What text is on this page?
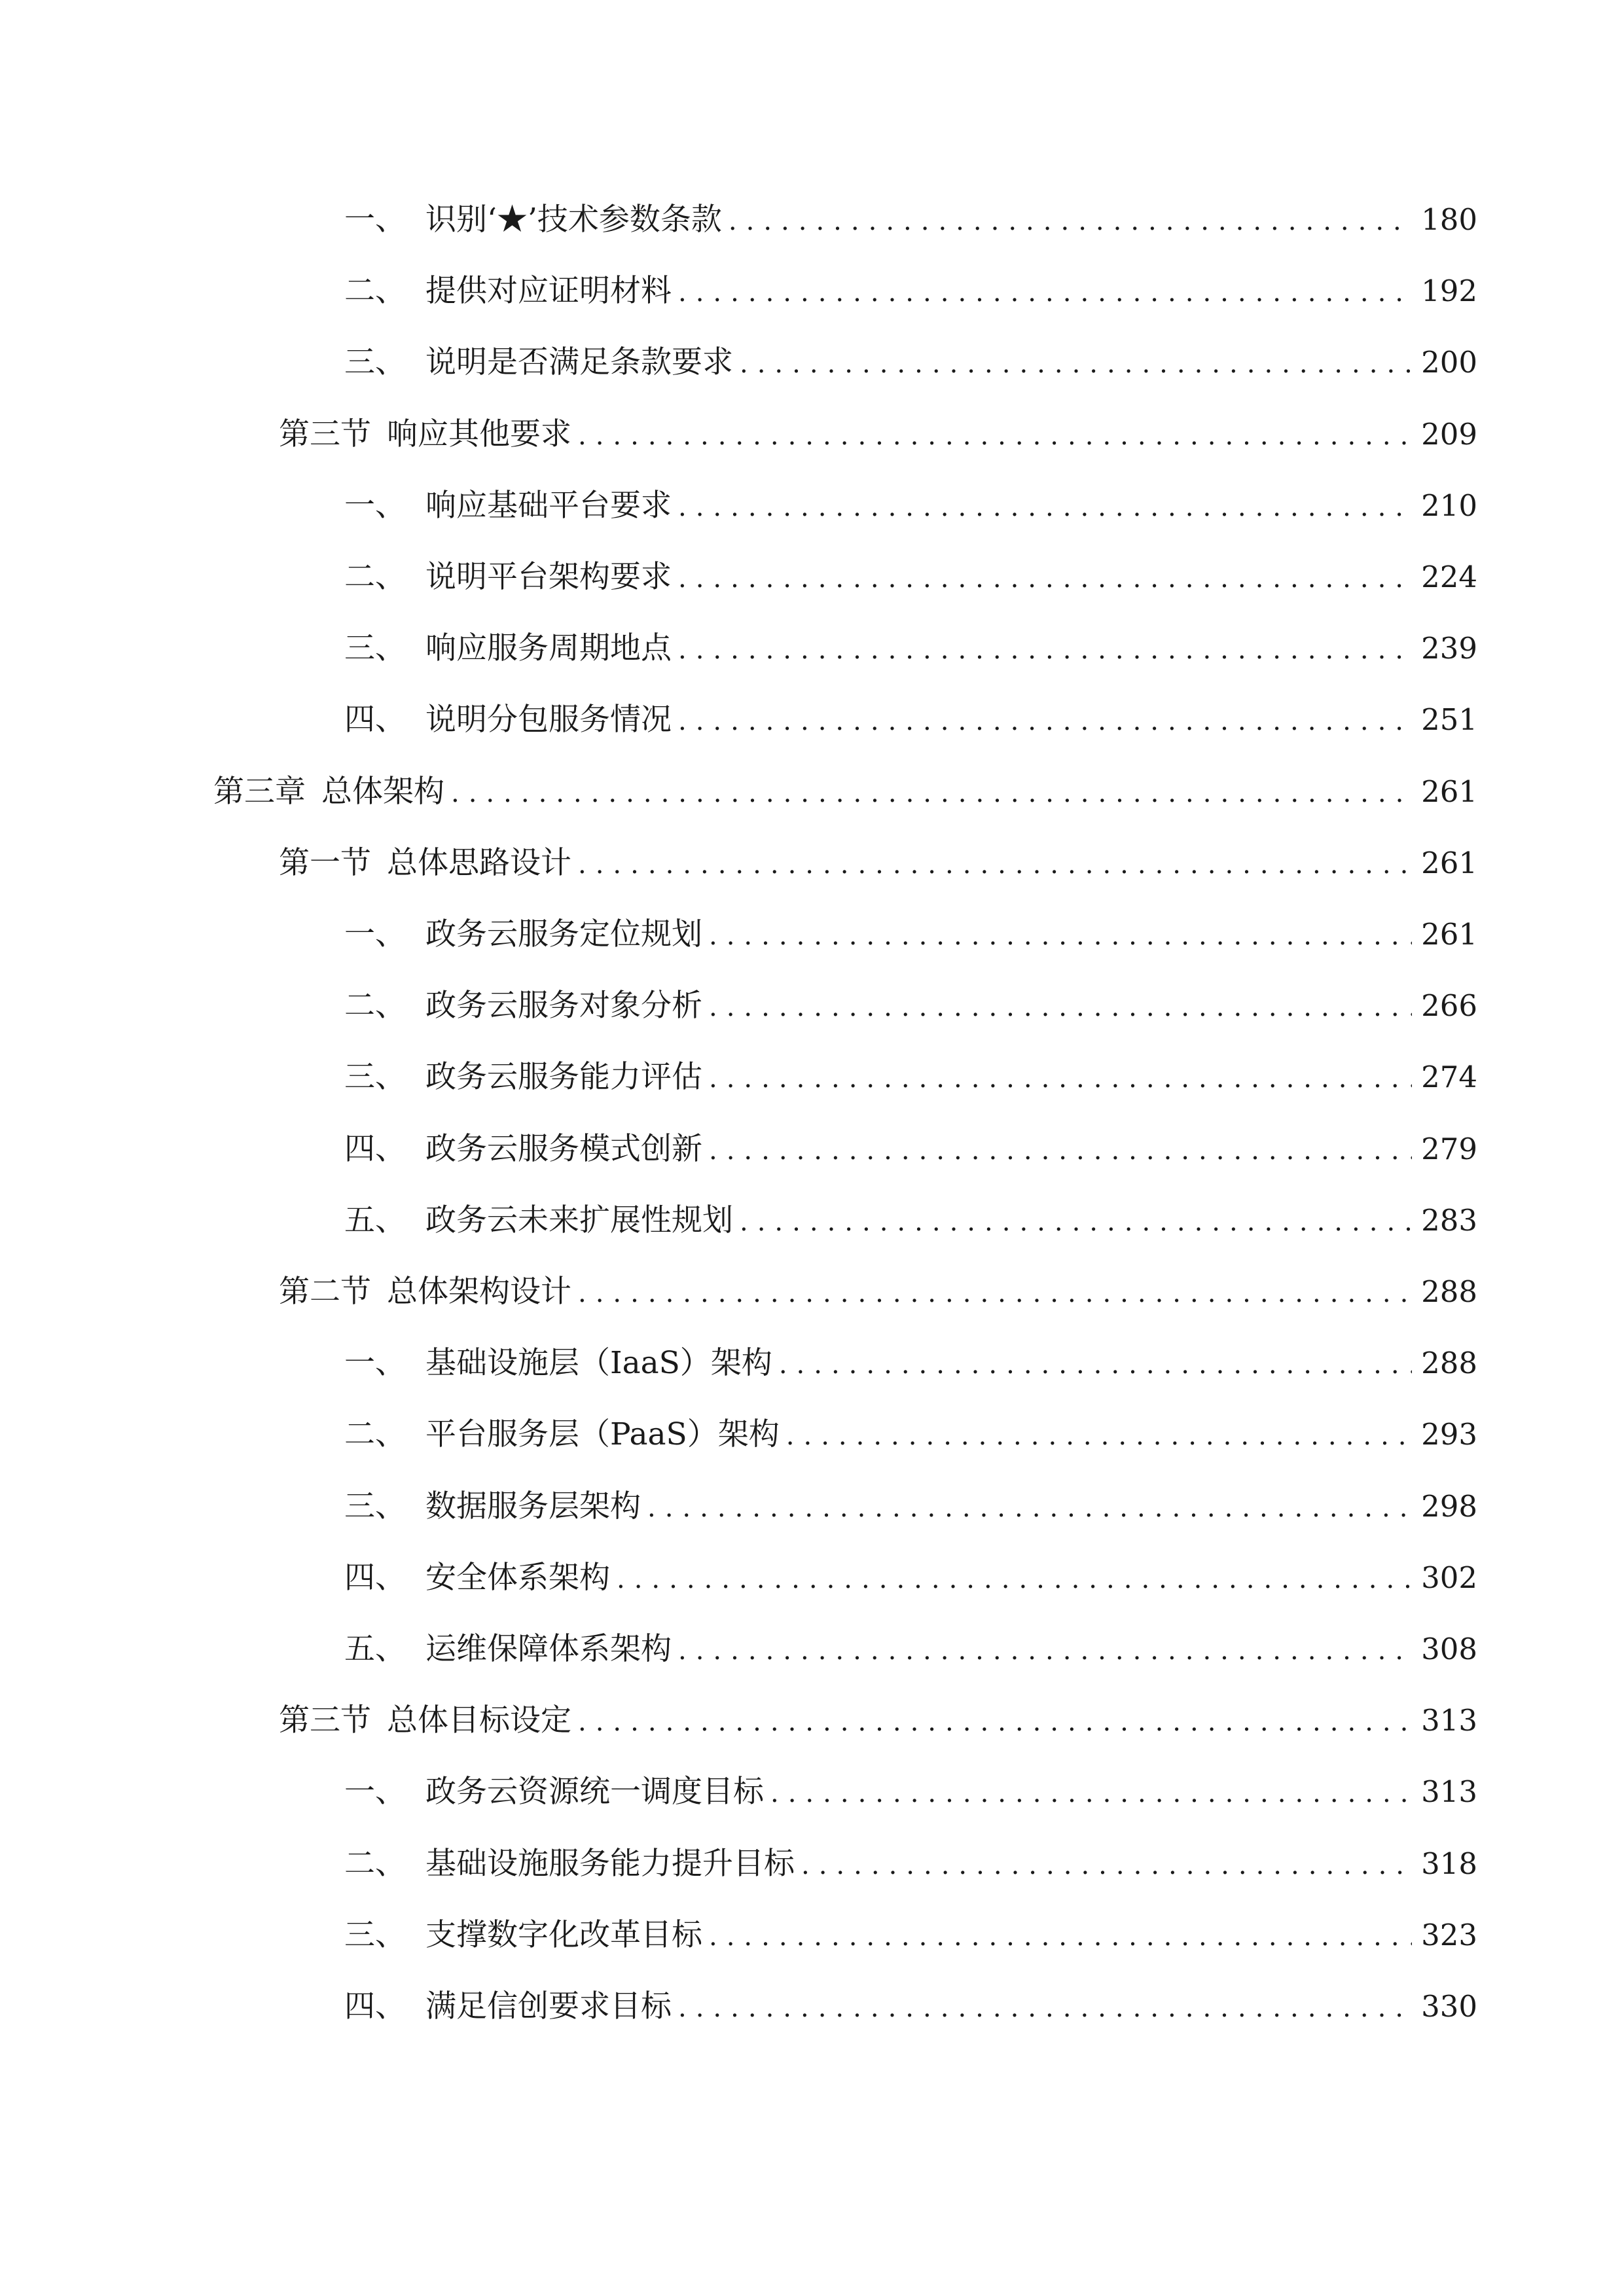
一、 识别‘★’技术参数条款 .....	180
二、 提供对应证明材料 .....	192
三、 说明是否满足条款要求 .....	200
第三节 响应其他要求 .....	209
一、 响应基础平台要求 .....	210
二、 说明平台架构要求 .....	224
三、 响应服务周期地点 .....	239
四、 说明分包服务情况 .....	251
第三章 总体架构 .....	261
第一节 总体思路设计 .....	261
一、 政务云服务定位规划 .....	261
二、 政务云服务对象分析 .....	266
三、 政务云服务能力评估 .....	274
四、 政务云服务模式创新 .....	279
五、 政务云未来扩展性规划 .....	283
第二节 总体架构设计 .....	288
一、 基础设施层（IaaS）架构 .....	288
二、 平台服务层（PaaS）架构 .....	293
三、 数据服务层架构 .....	298
四、 安全体系架构 .....	302
五、 运维保障体系架构 .....	308
第三节 总体目标设定 .....	313
一、 政务云资源统一调度目标 .....	313
二、 基础设施服务能力提升目标 .....	318
三、 支撑数字化改革目标 .....	323
四、 满足信创要求目标 .....	330
